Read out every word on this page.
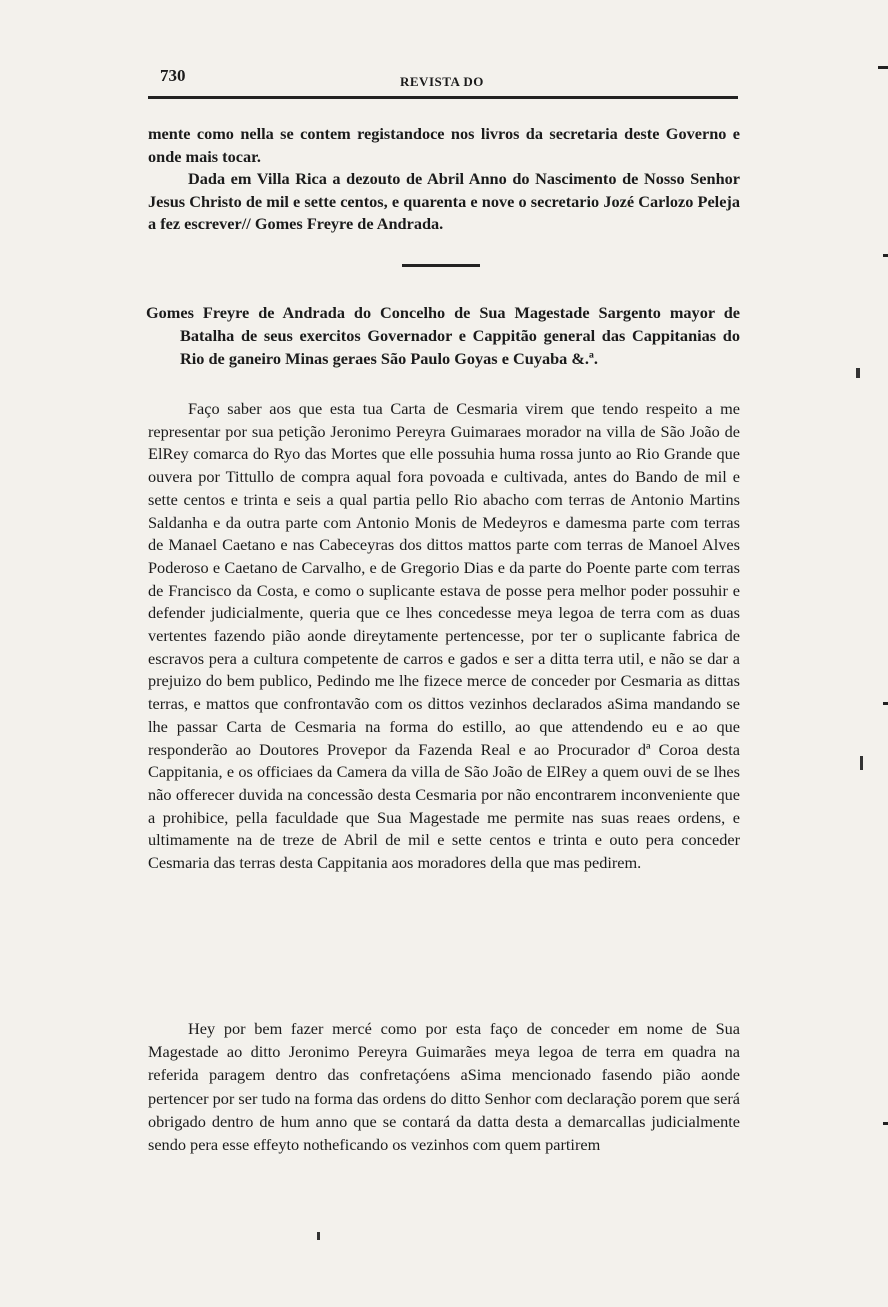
730	REVISTA DO

mente como nella se contem registandoce nos livros da secretaria deste Governo e onde mais tocar.

Dada em Villa Rica a dezouto de Abril Anno do Nascimento de Nosso Senhor Jesus Christo de mil e sette centos, e quarenta e nove o secretario Jozé Carlozo Peleja a fez escrever// Gomes Freyre de Andrada.

Gomes Freyre de Andrada do Concelho de Sua Magestade Sargento mayor de Batalha de seus exercitos Governador e Cappitão general das Cappitanias do Rio de ganeiro Minas geraes São Paulo Goyas e Cuyaba &.ª.

Faço saber aos que esta tua Carta de Cesmaria virem que tendo respeito a me representar por sua petição Jeronimo Pereyra Guimaraes morador na villa de São João de ElRey comarca do Ryo das Mortes que elle possuhia huma rossa junto ao Rio Grande que ouvera por Tittullo de compra aqual fora povoada e cultivada, antes do Bando de mil e sette centos e trinta e seis a qual partia pello Rio abacho com terras de Antonio Martins Saldanha e da outra parte com Antonio Monis de Medeyros e damesma parte com terras de Manael Caetano e nas Cabeceyras dos dittos mattos parte com terras de Manoel Alves Poderoso e Caetano de Carvalho, e de Gregorio Dias e da parte do Poente parte com terras de Francisco da Costa, e como o suplicante estava de posse pera melhor poder possuhir e defender judicialmente, queria que ce lhes concedesse meya legoa de terra com as duas vertentes fazendo pião aonde direytamente pertencesse, por ter o suplicante fabrica de escravos pera a cultura competente de carros e gados e ser a ditta terra util, e não se dar a prejuizo do bem publico, Pedindo me lhe fizece merce de conceder por Cesmaria as dittas terras, e mattos que confrontavão com os dittos vezinhos declarados aSima mandando se lhe passar Carta de Cesmaria na forma do estillo, ao que attendendo eu e ao que responderão ao Doutores Provepor da Fazenda Real e ao Procurador dª Coroa desta Cappitania, e os officiaes da Camera da villa de São João de ElRey a quem ouvi de se lhes não offerecer duvida na concessão desta Cesmaria por não encontrarem inconveniente que a prohibice, pella faculdade que Sua Magestade me permite nas suas reaes ordens, e ultimamente na de treze de Abril de mil e sette centos e trinta e outo pera conceder Cesmaria das terras desta Cappitania aos moradores della que mas pedirem.

Hey por bem fazer mercé como por esta faço de conceder em nome de Sua Magestade ao ditto Jeronimo Pereyra Guimarães meya legoa de terra em quadra na referida paragem dentro das confretaçóens aSima mencionado fasendo pião aonde pertencer por ser tudo na forma das ordens do ditto Senhor com declaração porem que será obrigado dentro de hum anno que se contará da datta desta a demarcallas judicialmente sendo pera esse effeyto notheficando os vezinhos com quem partirem
